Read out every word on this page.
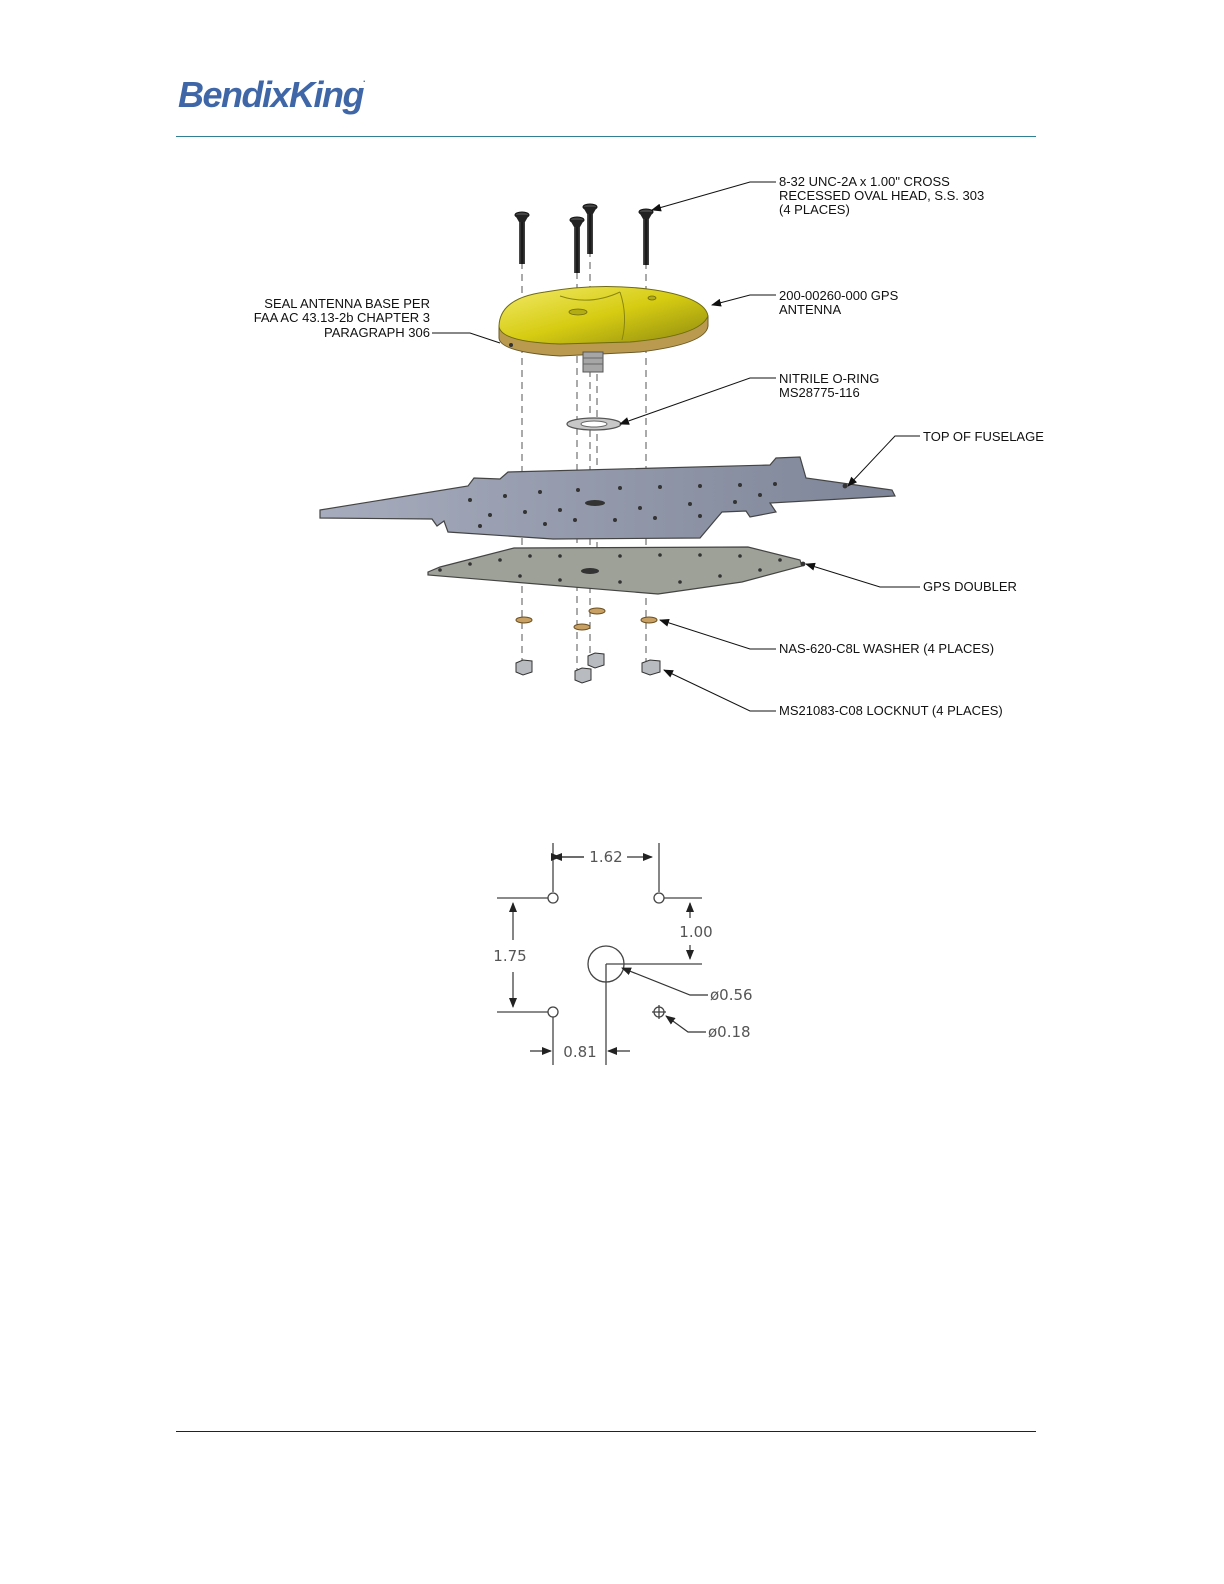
BendixKing.
8-32 UNC-2A x 1.00" CROSS
RECESSED OVAL HEAD, S.S. 303
(4 PLACES)
SEAL ANTENNA BASE PER
FAA AC 43.13-2b CHAPTER 3
PARAGRAPH 306
200-00260-000 GPS
ANTENNA
NITRILE O-RING
MS28775-116
TOP OF FUSELAGE
GPS DOUBLER
NAS-620-C8L WASHER (4 PLACES)
MS21083-C08 LOCKNUT (4 PLACES)
1.62
1.75
1.00
0.81
ø0.56
ø0.18
